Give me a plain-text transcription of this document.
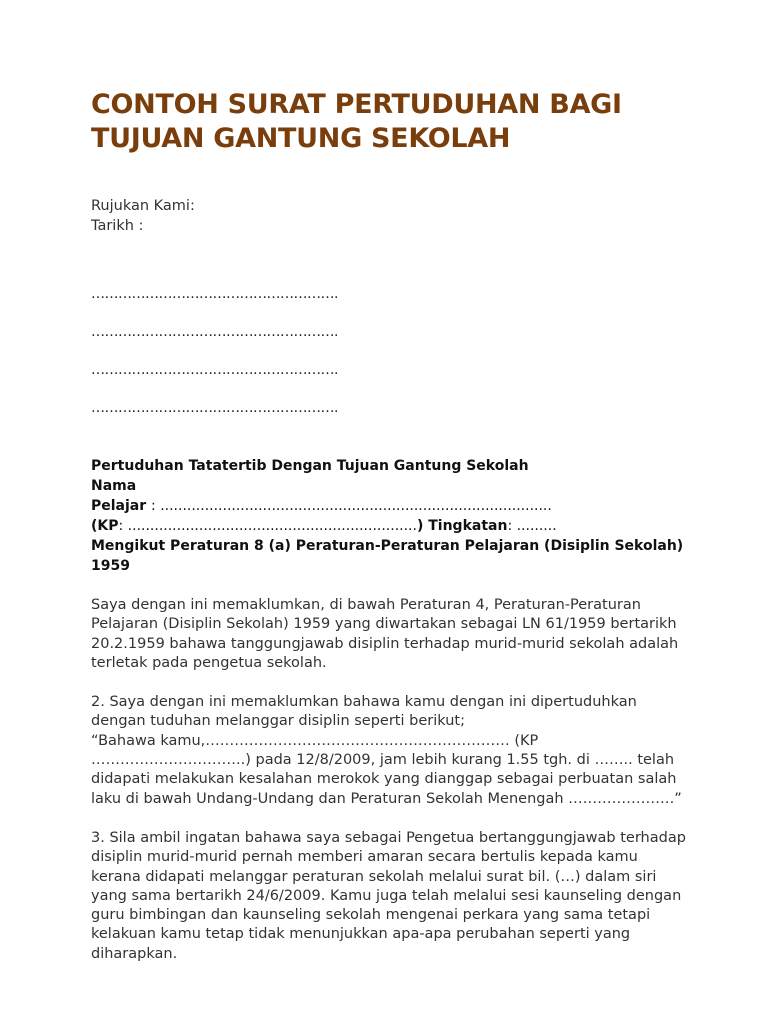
CONTOH SURAT PERTUDUHAN BAGI
TUJUAN GANTUNG SEKOLAH
Rujukan Kami:
Tarikh :
……………………………………………….
……………………………………………….
……………………………………………….
……………………………………………….
Pertuduhan Tatatertib Dengan Tujuan Gantung Sekolah
Nama
Pelajar : ........................................................................................
(KP: .................................................................) Tingkatan: .........
Mengikut Peraturan 8 (a) Peraturan-Peraturan Pelajaran (Disiplin Sekolah) 1959

Saya dengan ini memaklumkan, di bawah Peraturan 4, Peraturan-Peraturan Pelajaran (Disiplin Sekolah) 1959 yang diwartakan sebagai LN 61/1959 bertarikh 20.2.1959 bahawa tanggungjawab disiplin terhadap murid-murid sekolah adalah terletak pada pengetua sekolah.

2. Saya dengan ini memaklumkan bahawa kamu dengan ini dipertuduhkan dengan tuduhan melanggar disiplin seperti berikut;
“Bahawa kamu,……………………………………………………… (KP …………………………..) pada 12/8/2009, jam lebih kurang 1.55 tgh. di …….. telah didapati melakukan kesalahan merokok yang dianggap sebagai perbuatan salah laku di bawah Undang-Undang dan Peraturan Sekolah Menengah ………………….”

3. Sila ambil ingatan bahawa saya sebagai Pengetua bertanggungjawab terhadap disiplin murid-murid pernah memberi amaran secara bertulis kepada kamu kerana didapati melanggar peraturan sekolah melalui surat bil. (…) dalam siri yang sama bertarikh 24/6/2009. Kamu juga telah melalui sesi kaunseling dengan guru bimbingan dan kaunseling sekolah mengenai perkara yang sama tetapi kelakuan kamu tetap tidak menunjukkan apa-apa perubahan seperti yang diharapkan.
